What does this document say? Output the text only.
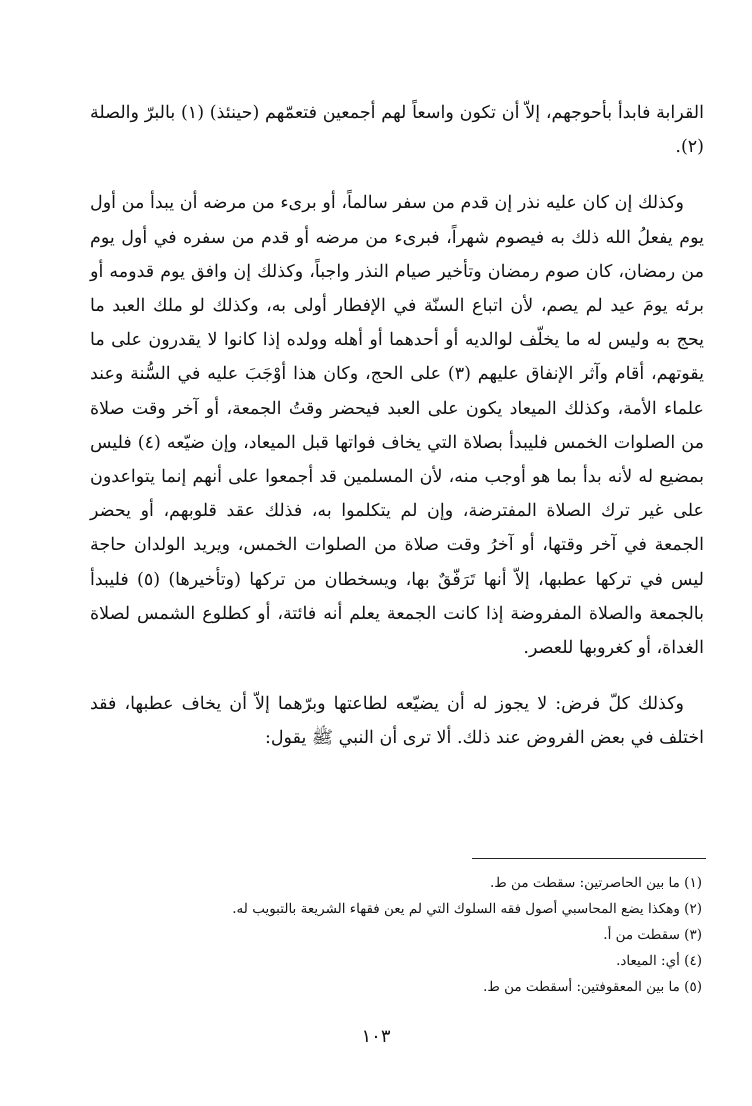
القرابة فابدأ بأحوجهم، إلاّ أن تكون واسعاً لهم أجمعين فتعمّهم (حينئذ) (١) بالبرّ والصلة (٢).

وكذلك إن كان عليه نذر إن قدم من سفر سالماً، أو برىء من مرضه أن يبدأ من أول يوم يفعلُ الله ذلك به فيصوم شهراً، فبرىء من مرضه أو قدم من سفره في أول يوم من رمضان، كان صوم رمضان وتأخير صيام النذر واجباً، وكذلك إن وافق يوم قدومه أو برئه يومَ عيد لم يصم، لأن اتباع السنّة في الإفطار أولى به، وكذلك لو ملك العبد ما يحج به وليس له ما يخلّف لوالديه أو أحدهما أو أهله وولده إذا كانوا لا يقدرون على ما يقوتهم، أقام وآثر الإنفاق عليهم (٣) على الحج، وكان هذا أوْجَبَ عليه في السُّنة وعند علماء الأمة، وكذلك الميعاد يكون على العبد فيحضر وقتُ الجمعة، أو آخر وقت صلاة من الصلوات الخمس فليبدأ بصلاة التي يخاف فواتها قبل الميعاد، وإن ضيّعه (٤) فليس بمضيع له لأنه بدأ بما هو أوجب منه، لأن المسلمين قد أجمعوا على أنهم إنما يتواعدون على غير ترك الصلاة المفترضة، وإن لم يتكلموا به، فذلك عقد قلوبهم، أو يحضر الجمعة في آخر وقتها، أو آخرُ وقت صلاة من الصلوات الخمس، ويريد الولدان حاجة ليس في تركها عطبها، إلاّ أنها تَرَفّقٌ بها، ويسخطان من تركها (وتأخيرها) (٥) فليبدأ بالجمعة والصلاة المفروضة إذا كانت الجمعة يعلم أنه فائتة، أو كطلوع الشمس لصلاة الغداة، أو كغروبها للعصر.

وكذلك كلّ فرض: لا يجوز له أن يضيّعه لطاعتها وبرّهما إلاّ أن يخاف عطبها، فقد اختلف في بعض الفروض عند ذلك. ألا ترى أن النبي ﷺ يقول:

(١) ما بين الحاصرتين: سقطت من ط.

(٢) وهكذا يضع المحاسبي أصول فقه السلوك التي لم يعن فقهاء الشريعة بالتبويب له.

(٣) سقطت من أ.

(٤) أي: الميعاد.

(٥) ما بين المعقوفتين: أسقطت من ط.

١٠٣
